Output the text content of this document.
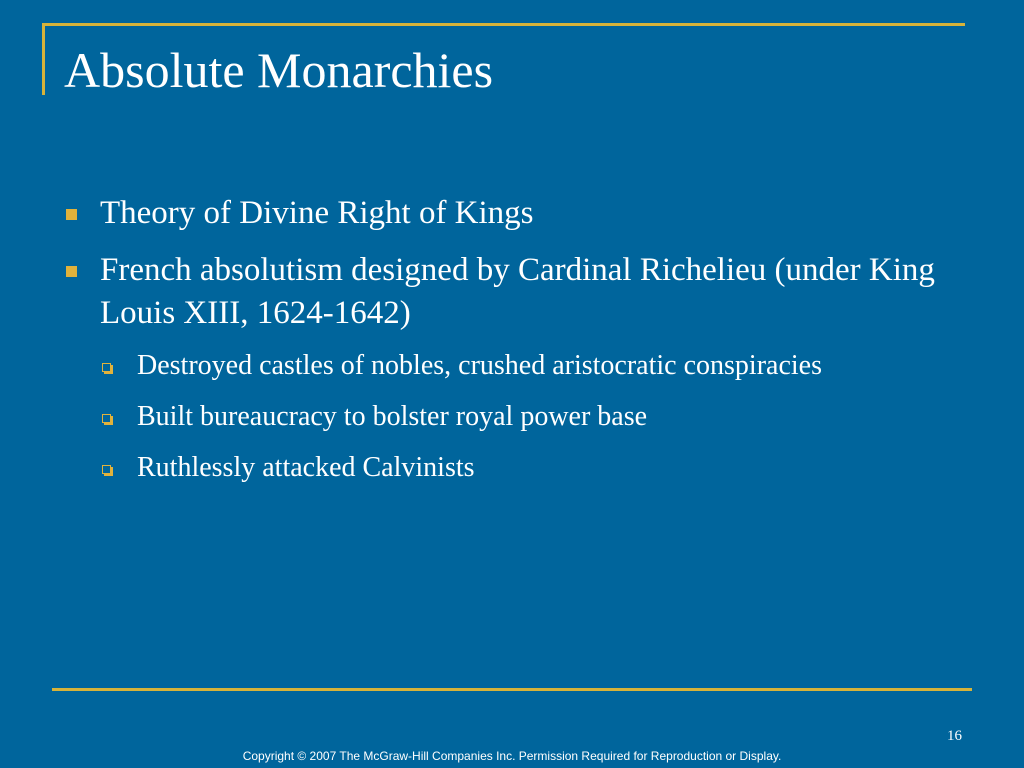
Absolute Monarchies
Theory of Divine Right of Kings
French absolutism designed by Cardinal Richelieu (under King Louis XIII, 1624-1642)
Destroyed castles of nobles, crushed aristocratic conspiracies
Built bureaucracy to bolster royal power base
Ruthlessly attacked Calvinists
16
Copyright © 2007 The McGraw-Hill Companies Inc. Permission Required for Reproduction or Display.
